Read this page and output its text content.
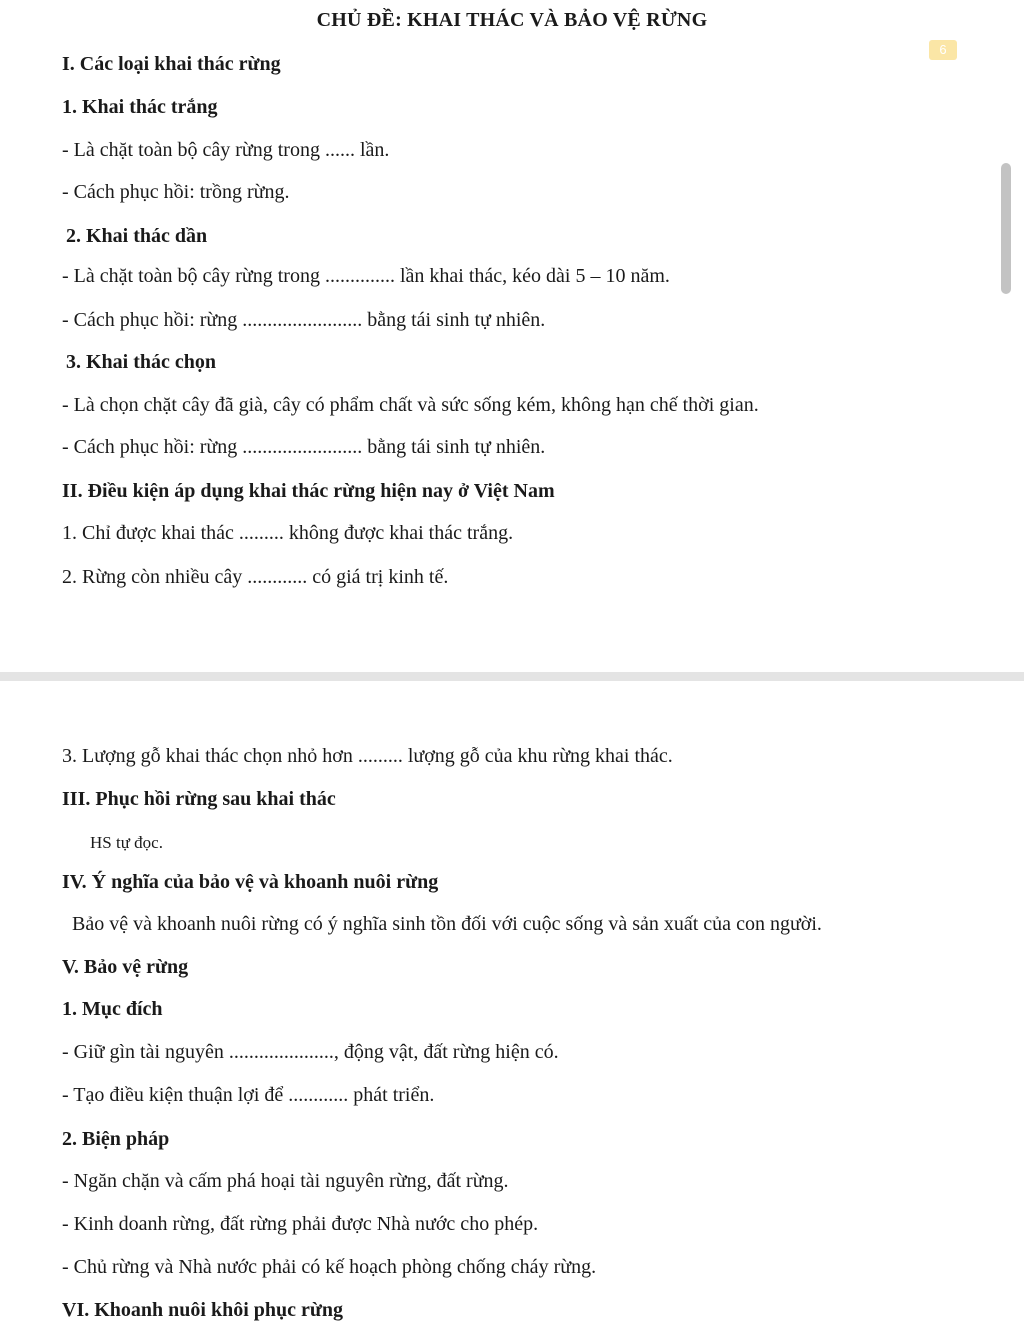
CHỦ ĐỀ: KHAI THÁC VÀ BẢO VỆ RỪNG
6
I. Các loại khai thác rừng
1. Khai thác trắng
- Là chặt toàn bộ cây rừng trong ...... lần.
- Cách phục hồi: trồng rừng.
2. Khai thác dần
- Là chặt toàn bộ cây rừng trong .............. lần khai thác, kéo dài 5 – 10 năm.
- Cách phục hồi: rừng ........................ bằng tái sinh tự nhiên.
3. Khai thác chọn
- Là chọn chặt cây đã già, cây có phẩm chất và sức sống kém, không hạn chế thời gian.
- Cách phục hồi: rừng ........................ bằng tái sinh tự nhiên.
II. Điều kiện áp dụng khai thác rừng hiện nay ở Việt Nam
1. Chỉ được khai thác ......... không được khai thác trắng.
2. Rừng còn nhiều cây ............ có giá trị kinh tế.
3. Lượng gỗ khai thác chọn nhỏ hơn ......... lượng gỗ của khu rừng khai thác.
III. Phục hồi rừng sau khai thác
HS tự đọc.
IV. Ý nghĩa của bảo vệ và khoanh nuôi rừng
Bảo vệ và khoanh nuôi rừng có ý nghĩa sinh tồn đối với cuộc sống và sản xuất của con người.
V. Bảo vệ rừng
1. Mục đích
- Giữ gìn tài nguyên ....................., động vật, đất rừng hiện có.
- Tạo điều kiện thuận lợi để ............ phát triển.
2. Biện pháp
- Ngăn chặn và cấm phá hoại tài nguyên rừng, đất rừng.
- Kinh doanh rừng, đất rừng phải được Nhà nước cho phép.
- Chủ rừng và Nhà nước phải có kế hoạch phòng chống cháy rừng.
VI. Khoanh nuôi khôi phục rừng
